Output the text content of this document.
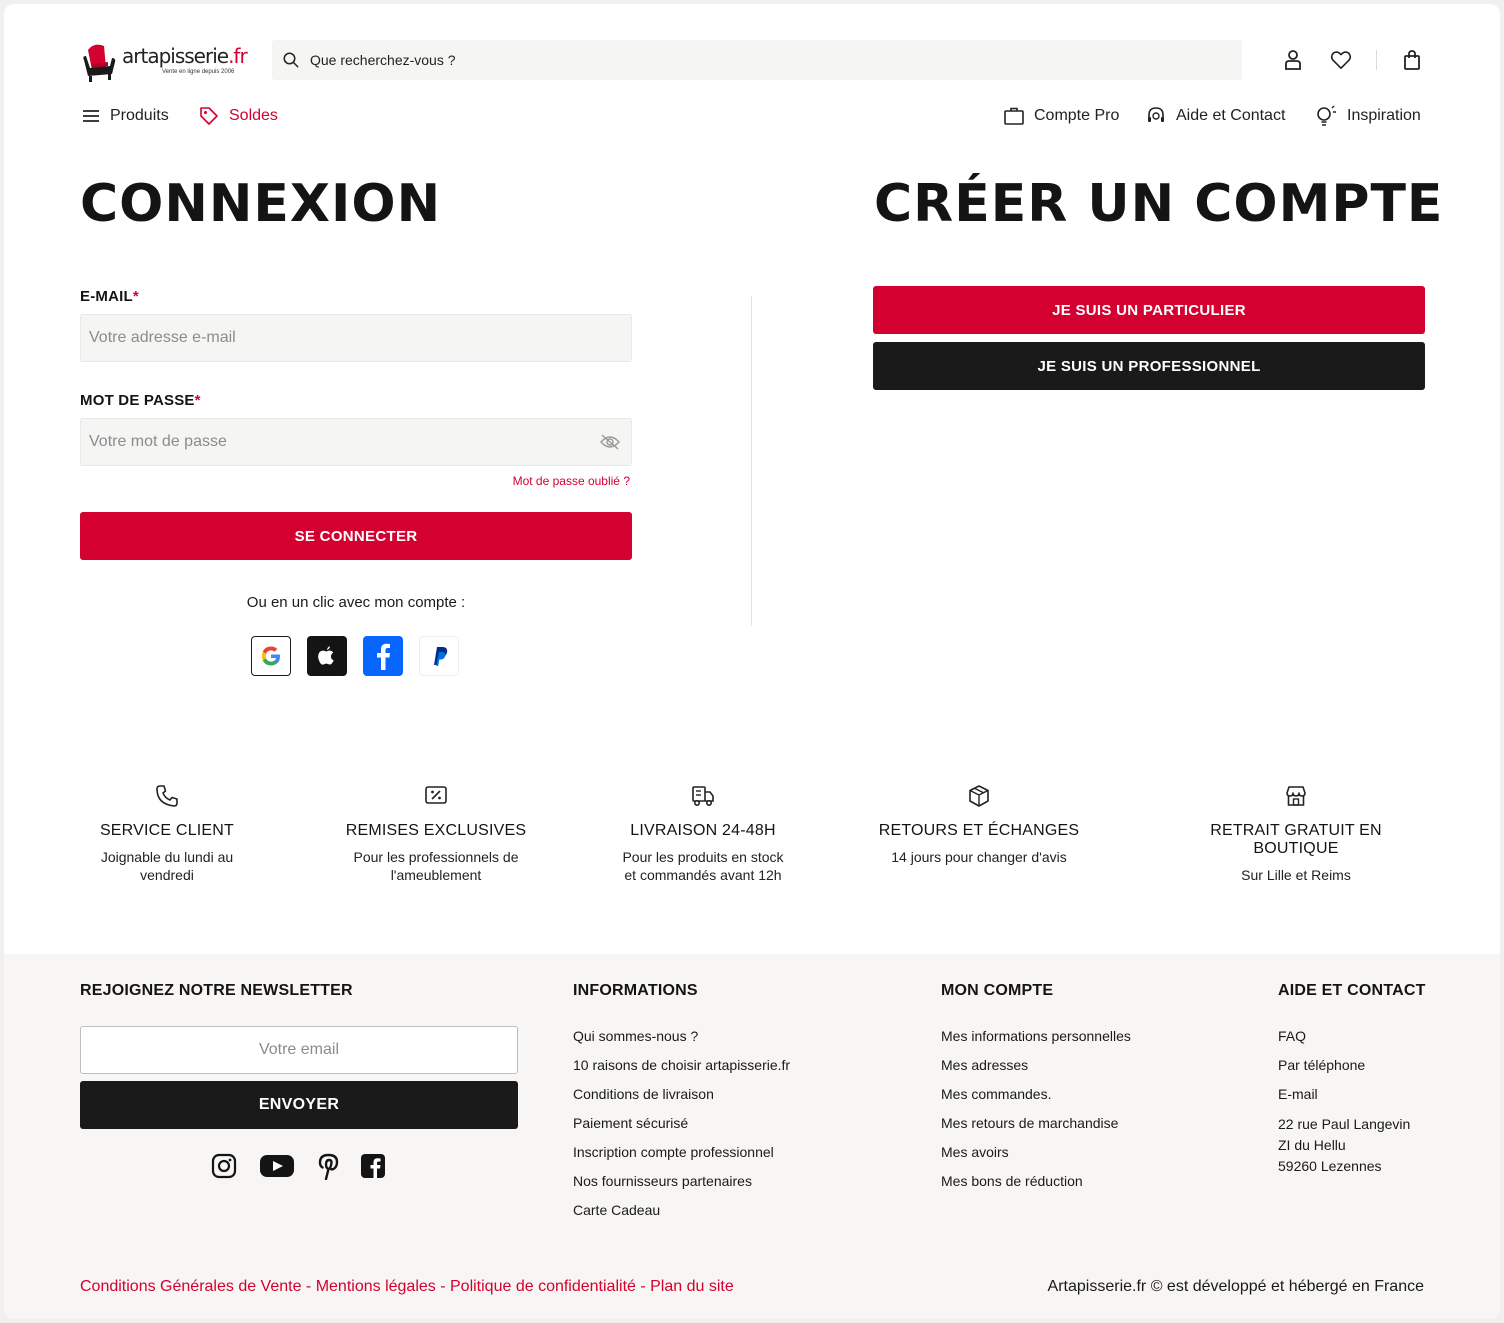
artapisserie.fr
Vente en ligne depuis 2006
Que recherchez-vous ?
Produits	Soldes	Compte Pro	Aide et Contact	Inspiration
CONNEXION
E-MAIL*
Votre adresse e-mail
MOT DE PASSE*
Votre mot de passe
Mot de passe oublié ?
SE CONNECTER
Ou en un clic avec mon compte :
CRÉER UN COMPTE
JE SUIS UN PARTICULIER
JE SUIS UN PROFESSIONNEL
SERVICE CLIENT
Joignable du lundi au vendredi
REMISES EXCLUSIVES
Pour les professionnels de l'ameublement
LIVRAISON 24-48H
Pour les produits en stock et commandés avant 12h
RETOURS ET ÉCHANGES
14 jours pour changer d'avis
RETRAIT GRATUIT EN BOUTIQUE
Sur Lille et Reims
REJOIGNEZ NOTRE NEWSLETTER
Votre email
ENVOYER
INFORMATIONS
Qui sommes-nous ?
10 raisons de choisir artapisserie.fr
Conditions de livraison
Paiement sécurisé
Inscription compte professionnel
Nos fournisseurs partenaires
Carte Cadeau
MON COMPTE
Mes informations personnelles
Mes adresses
Mes commandes.
Mes retours de marchandise
Mes avoirs
Mes bons de réduction
AIDE ET CONTACT
FAQ
Par téléphone
E-mail
22 rue Paul Langevin
ZI du Hellu
59260 Lezennes
Conditions Générales de Vente - Mentions légales - Politique de confidentialité - Plan du site	Artapisserie.fr © est développé et hébergé en France
